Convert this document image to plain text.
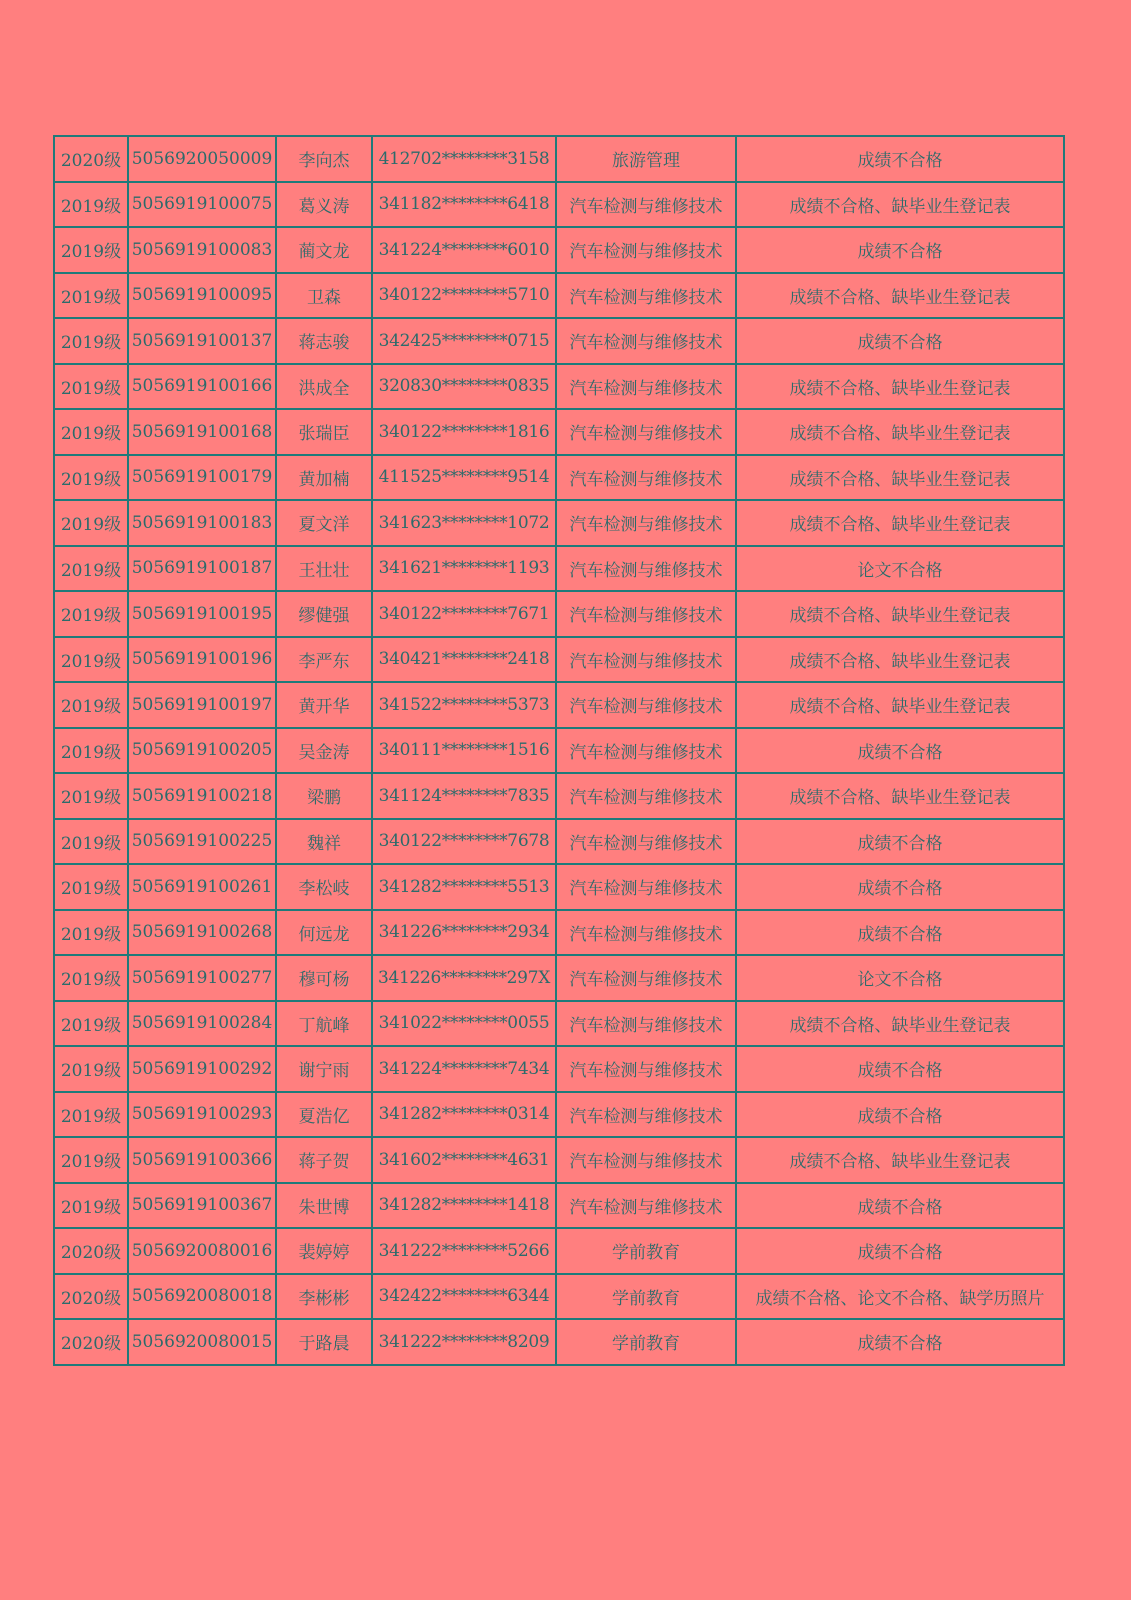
2020级	5056920050009	李向杰	412702********3158	旅游管理	成绩不合格
2019级	5056919100075	葛义涛	341182********6418	汽车检测与维修技术	成绩不合格、缺毕业生登记表
2019级	5056919100083	蔺文龙	341224********6010	汽车检测与维修技术	成绩不合格
2019级	5056919100095	卫森	340122********5710	汽车检测与维修技术	成绩不合格、缺毕业生登记表
2019级	5056919100137	蒋志骏	342425********0715	汽车检测与维修技术	成绩不合格
2019级	5056919100166	洪成全	320830********0835	汽车检测与维修技术	成绩不合格、缺毕业生登记表
2019级	5056919100168	张瑞臣	340122********1816	汽车检测与维修技术	成绩不合格、缺毕业生登记表
2019级	5056919100179	黄加楠	411525********9514	汽车检测与维修技术	成绩不合格、缺毕业生登记表
2019级	5056919100183	夏文洋	341623********1072	汽车检测与维修技术	成绩不合格、缺毕业生登记表
2019级	5056919100187	王壮壮	341621********1193	汽车检测与维修技术	论文不合格
2019级	5056919100195	缪健强	340122********7671	汽车检测与维修技术	成绩不合格、缺毕业生登记表
2019级	5056919100196	李严东	340421********2418	汽车检测与维修技术	成绩不合格、缺毕业生登记表
2019级	5056919100197	黄开华	341522********5373	汽车检测与维修技术	成绩不合格、缺毕业生登记表
2019级	5056919100205	吴金涛	340111********1516	汽车检测与维修技术	成绩不合格
2019级	5056919100218	梁鹏	341124********7835	汽车检测与维修技术	成绩不合格、缺毕业生登记表
2019级	5056919100225	魏祥	340122********7678	汽车检测与维修技术	成绩不合格
2019级	5056919100261	李松岐	341282********5513	汽车检测与维修技术	成绩不合格
2019级	5056919100268	何远龙	341226********2934	汽车检测与维修技术	成绩不合格
2019级	5056919100277	穆可杨	341226********297X	汽车检测与维修技术	论文不合格
2019级	5056919100284	丁航峰	341022********0055	汽车检测与维修技术	成绩不合格、缺毕业生登记表
2019级	5056919100292	谢宁雨	341224********7434	汽车检测与维修技术	成绩不合格
2019级	5056919100293	夏浩亿	341282********0314	汽车检测与维修技术	成绩不合格
2019级	5056919100366	蒋子贺	341602********4631	汽车检测与维修技术	成绩不合格、缺毕业生登记表
2019级	5056919100367	朱世博	341282********1418	汽车检测与维修技术	成绩不合格
2020级	5056920080016	裴婷婷	341222********5266	学前教育	成绩不合格
2020级	5056920080018	李彬彬	342422********6344	学前教育	成绩不合格、论文不合格、缺学历照片
2020级	5056920080015	于路晨	341222********8209	学前教育	成绩不合格
